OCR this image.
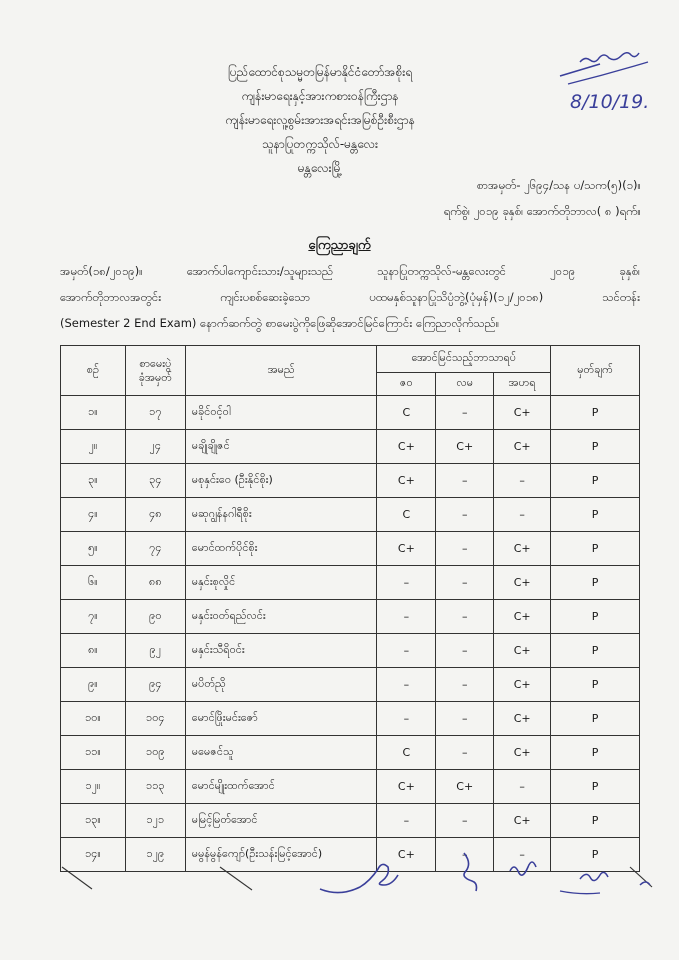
ပြည်ထောင်စုသမ္မတမြန်မာနိုင်ငံတော်အစိုးရ
ကျန်းမာရေးနှင့်အားကစားဝန်ကြီးဌာန
ကျန်းမာရေးလူ့စွမ်းအားအရင်းအမြစ်ဦးစီးဌာန
သူနာပြုတက္ကသိုလ်-မန္တလေး
မန္တလေးမြို့
8/10/19.
စာအမှတ်- ၂၆၉၄/သန ပ/သက(၅)(၁)။
ရက်စွဲ၊ ၂၀၁၉ ခုနှစ်၊ အောက်တိုဘာလ( ၈ )ရက်။
ကြေညာချက်
အမှတ်(၁၈/၂၀၁၉)။	အောက်ပါကျောင်းသား/သူများသည်	သူနာပြုတက္ကသိုလ်-မန္တလေးတွင်	၂၀၁၉	ခုနှစ်၊
အောက်တိုဘာလအတွင်း	ကျင်းပစစ်ဆေးခဲ့သော	ပထမနှစ်သူနာပြုသိပ္ပံဘွဲ့(ပုံမှန်)(၁၂/၂၀၁၈)	သင်တန်း
(Semester 2 End Exam) နောက်ဆက်တွဲ စာမေးပွဲကိုဖြေဆိုအောင်မြင်ကြောင်း ကြေညာလိုက်သည်။
စဉ်	စာမေးပွဲ
ခုံအမှတ်	အမည်	အောင်မြင်သည့်ဘာသာရပ်			မှတ်ချက်
			ဇဝ	လမ	အဟရ	
၁။	၁၇	မခိုင်ဝင့်ဝါ	C	–	C+	P
၂။	၂၄	မချိုချိုဇင်	C+	C+	C+	P
၃။	၃၄	မစုနှင်းဝေ (ဦးနိုင်စိုး)	C+	–	–	P
၄။	၄၈	မဆုဂျွန်နဂါရီစိုး	C	–	–	P
၅။	၇၄	မောင်ထက်ပိုင်စိုး	C+	–	C+	P
၆။	၈၈	မနှင်းစုလှိုင်	–	–	C+	P
၇။	၉၀	မနှင်းဝတ်ရည်လင်း	–	–	C+	P
၈။	၉၂	မနှင်းသီရိဝင်း	–	–	C+	P
၉။	၉၄	မပိတ်ညို	–	–	C+	P
၁၀။	၁၀၄	မောင်ဖြိုးမင်းဇော်	–	–	C+	P
၁၁။	၁၀၉	မမေဇင်သူ	C	–	C+	P
၁၂။	၁၁၃	မောင်မျိုးထက်အောင်	C+	C+	–	P
၁၃။	၁၂၁	မမြင့်မြတ်အောင်	–	–	C+	P
၁၄။	၁၂၉	မမွန်မွန်ကျော်(ဦးသန်းမြင့်အောင်)	C+	–	–	P
